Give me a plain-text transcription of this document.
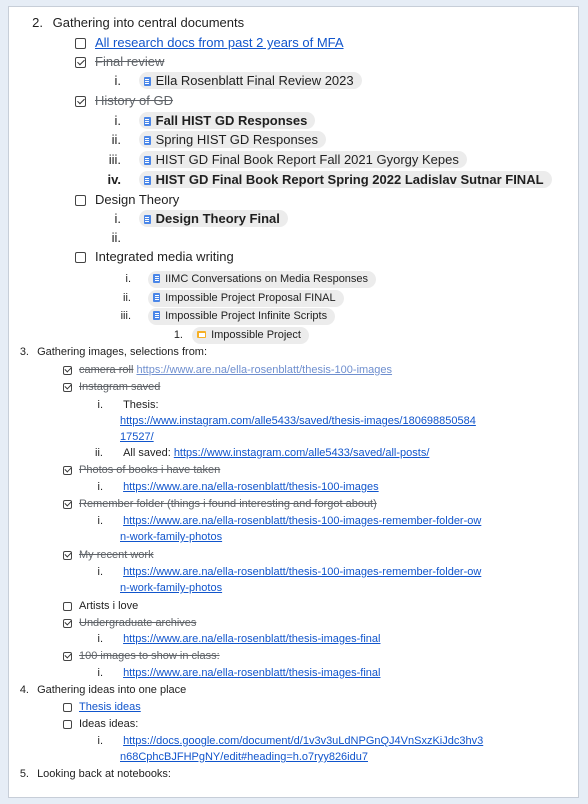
2. Gathering into central documents
All research docs from past 2 years of MFA
Final review
i.	Ella Rosenblatt Final Review 2023
History of GD
i.	Fall HIST GD Responses
ii.	Spring HIST GD Responses
iii.	HIST GD Final Book Report Fall 2021 Gyorgy Kepes
iv.	HIST GD Final Book Report Spring 2022 Ladislav Sutnar FINAL
Design Theory
i.	Design Theory Final
ii.
Integrated media writing
i.	IIMC Conversations on Media Responses
ii.	Impossible Project Proposal FINAL
iii.	Impossible Project Infinite Scripts
1.	Impossible Project
3. Gathering images, selections from:
camera roll https://www.are.na/ella-rosenblatt/thesis-100-images
Instagram saved
i. Thesis:
https://www.instagram.com/alle5433/saved/thesis-images/180698850584
17527/
ii. All saved: https://www.instagram.com/alle5433/saved/all-posts/
Photos of books i have taken
i. https://www.are.na/ella-rosenblatt/thesis-100-images
Remember folder (things i found interesting and forgot about)
i. https://www.are.na/ella-rosenblatt/thesis-100-images-remember-folder-ow
n-work-family-photos
My recent work
i. https://www.are.na/ella-rosenblatt/thesis-100-images-remember-folder-ow
n-work-family-photos
Artists i love
Undergraduate archives
i. https://www.are.na/ella-rosenblatt/thesis-images-final
100 images to show in class:
i. https://www.are.na/ella-rosenblatt/thesis-images-final
4. Gathering ideas into one place
Thesis ideas
Ideas ideas:
i. https://docs.google.com/document/d/1v3v3uLdNPGnQJ4VnSxzKiJdc3hv3
n68CphcBJFHPgNY/edit#heading=h.o7ryy826idu7
5. Looking back at notebooks:
